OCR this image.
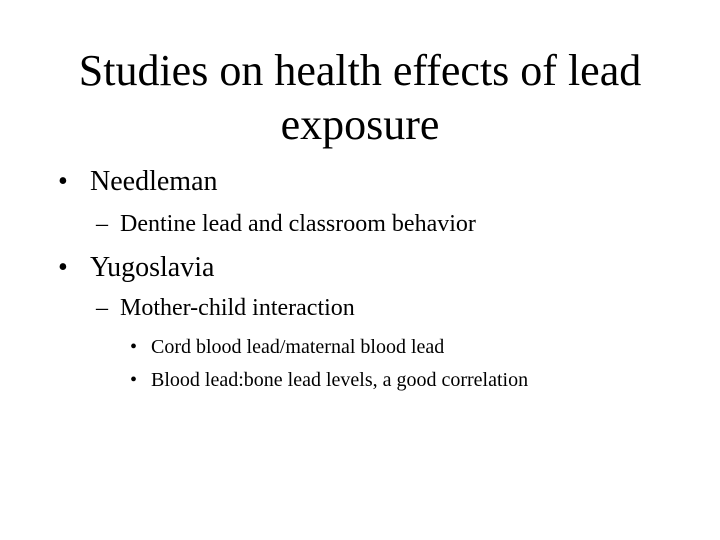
Studies on health effects of lead exposure
• Needleman
– Dentine lead and classroom behavior
• Yugoslavia
– Mother-child interaction
• Cord blood lead/maternal blood lead
• Blood lead:bone lead levels, a good correlation
